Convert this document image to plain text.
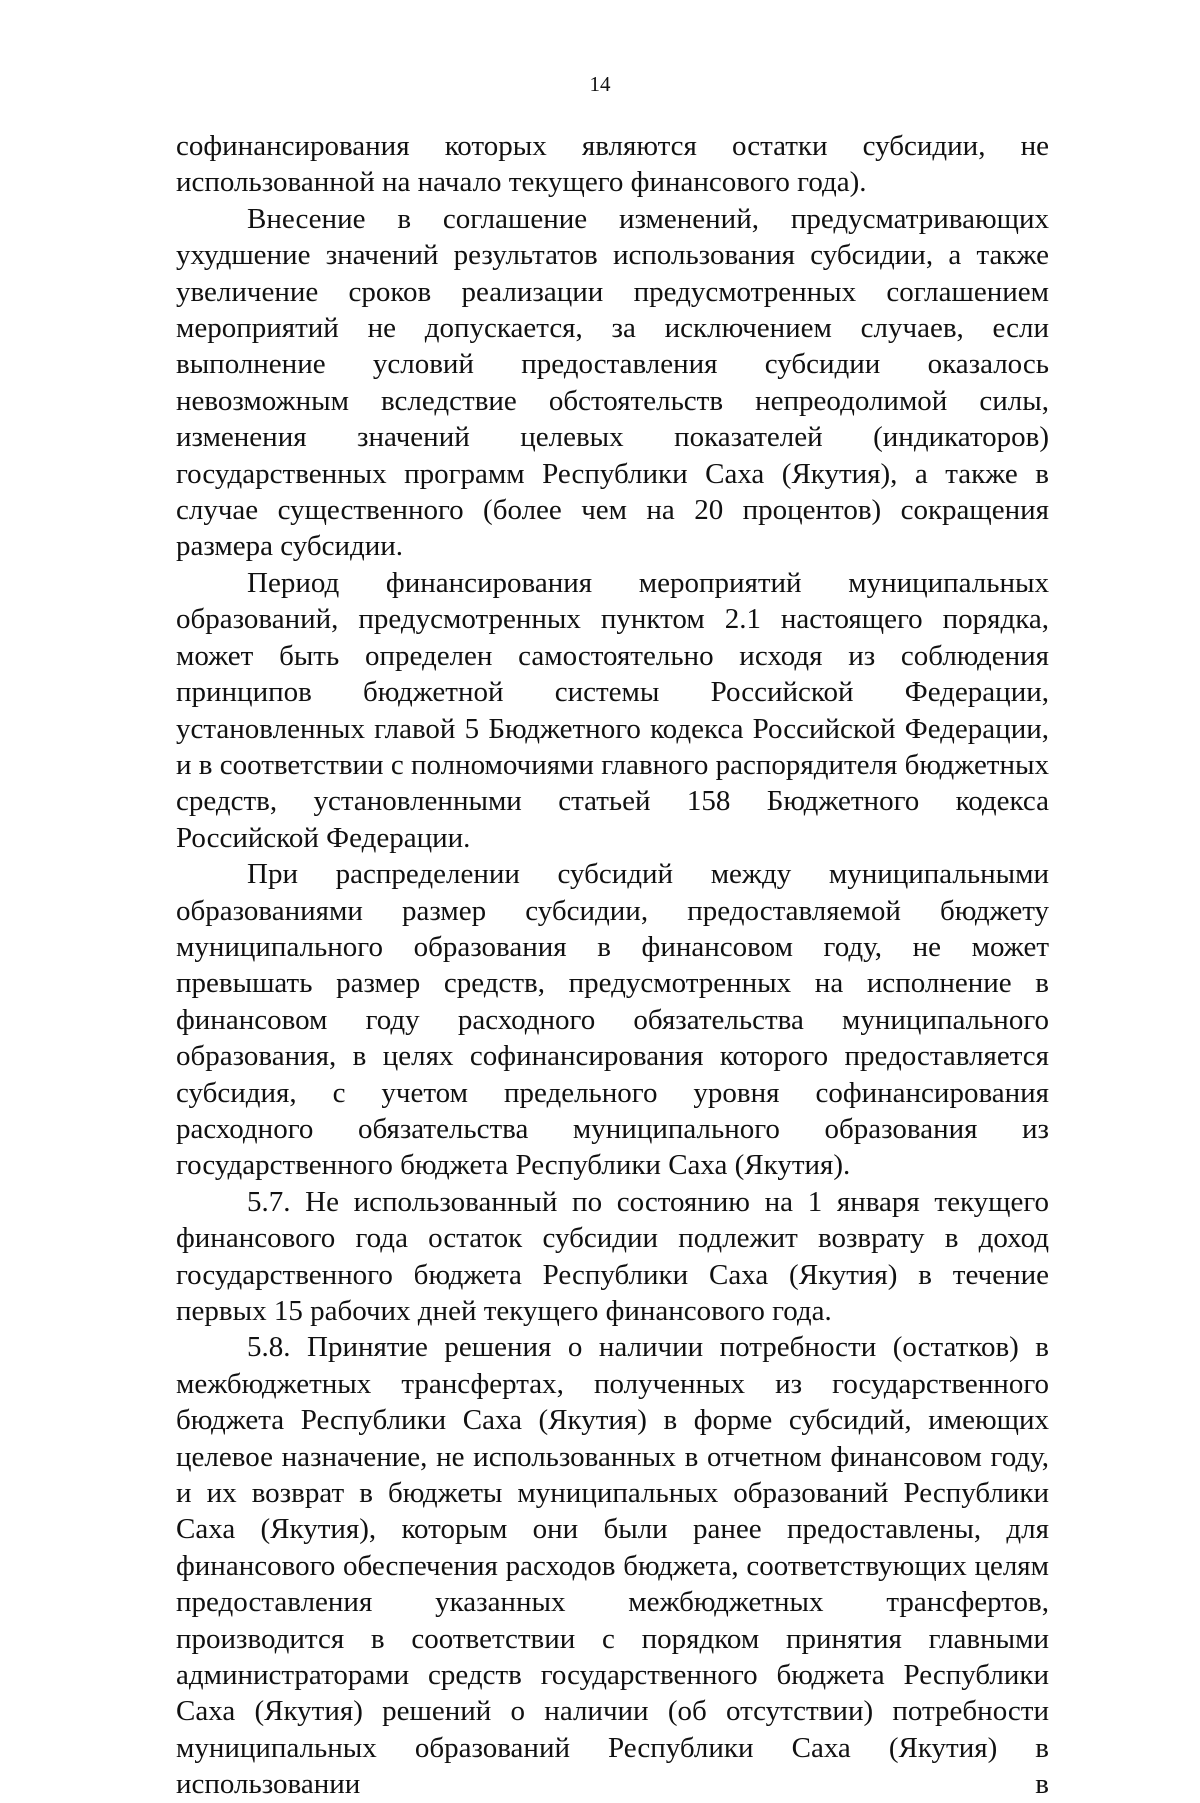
14

софинансирования которых являются остатки субсидии, не использованной на начало текущего финансового года).

Внесение в соглашение изменений, предусматривающих ухудшение значений результатов использования субсидии, а также увеличение сроков реализации предусмотренных соглашением мероприятий не допускается, за исключением случаев, если выполнение условий предоставления субсидии оказалось невозможным вследствие обстоятельств непреодолимой силы, изменения значений целевых показателей (индикаторов) государственных программ Республики Саха (Якутия), а также в случае существенного (более чем на 20 процентов) сокращения размера субсидии.

Период финансирования мероприятий муниципальных образований, предусмотренных пунктом 2.1 настоящего порядка, может быть определен самостоятельно исходя из соблюдения принципов бюджетной системы Российской Федерации, установленных главой 5 Бюджетного кодекса Российской Федерации, и в соответствии с полномочиями главного распорядителя бюджетных средств, установленными статьей 158 Бюджетного кодекса Российской Федерации.

При распределении субсидий между муниципальными образованиями размер субсидии, предоставляемой бюджету муниципального образования в финансовом году, не может превышать размер средств, предусмотренных на исполнение в финансовом году расходного обязательства муниципального образования, в целях софинансирования которого предоставляется субсидия, с учетом предельного уровня софинансирования расходного обязательства муниципального образования из государственного бюджета Республики Саха (Якутия).

5.7. Не использованный по состоянию на 1 января текущего финансового года остаток субсидии подлежит возврату в доход государственного бюджета Республики Саха (Якутия) в течение первых 15 рабочих дней текущего финансового года.

5.8. Принятие решения о наличии потребности (остатков) в межбюджетных трансфертах, полученных из государственного бюджета Республики Саха (Якутия) в форме субсидий, имеющих целевое назначение, не использованных в отчетном финансовом году, и их возврат в бюджеты муниципальных образований Республики Саха (Якутия), которым они были ранее предоставлены, для финансового обеспечения расходов бюджета, соответствующих целям предоставления указанных межбюджетных трансфертов, производится в соответствии с порядком принятия главными администраторами средств государственного бюджета Республики Саха (Якутия) решений о наличии (об отсутствии) потребности муниципальных образований Республики Саха (Якутия) в использовании в
